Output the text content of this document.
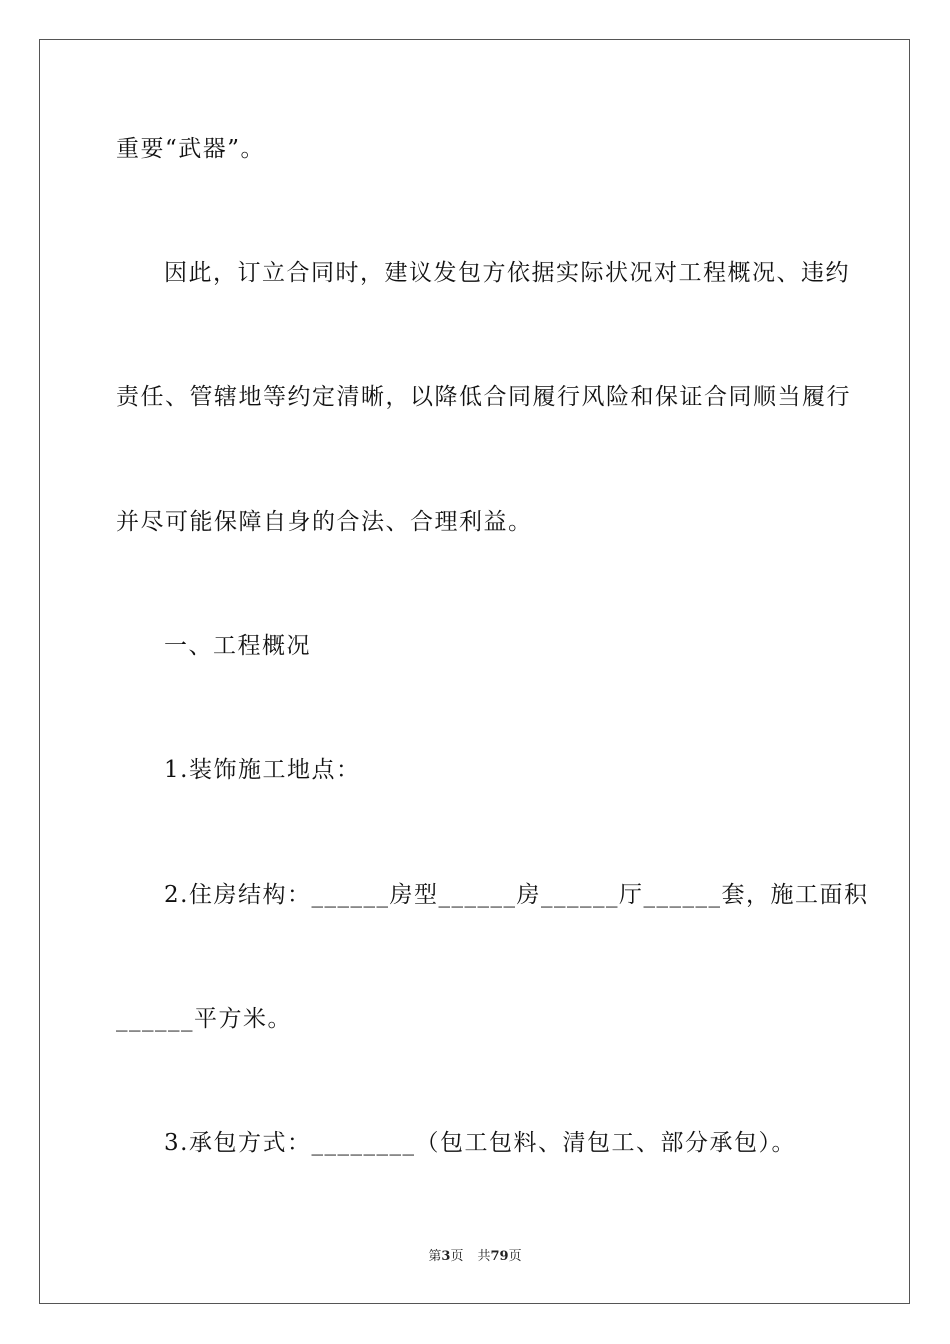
重要“武器”。
因此，订立合同时，建议发包方依据实际状况对工程概况、违约
责任、管辖地等约定清晰，以降低合同履行风险和保证合同顺当履行
并尽可能保障自身的合法、合理利益。
一、工程概况
1.装饰施工地点：
2.住房结构：______房型______房______厅______套，施工面积
______平方米。
3.承包方式：________（包工包料、清包工、部分承包）。
第3页 共79页
